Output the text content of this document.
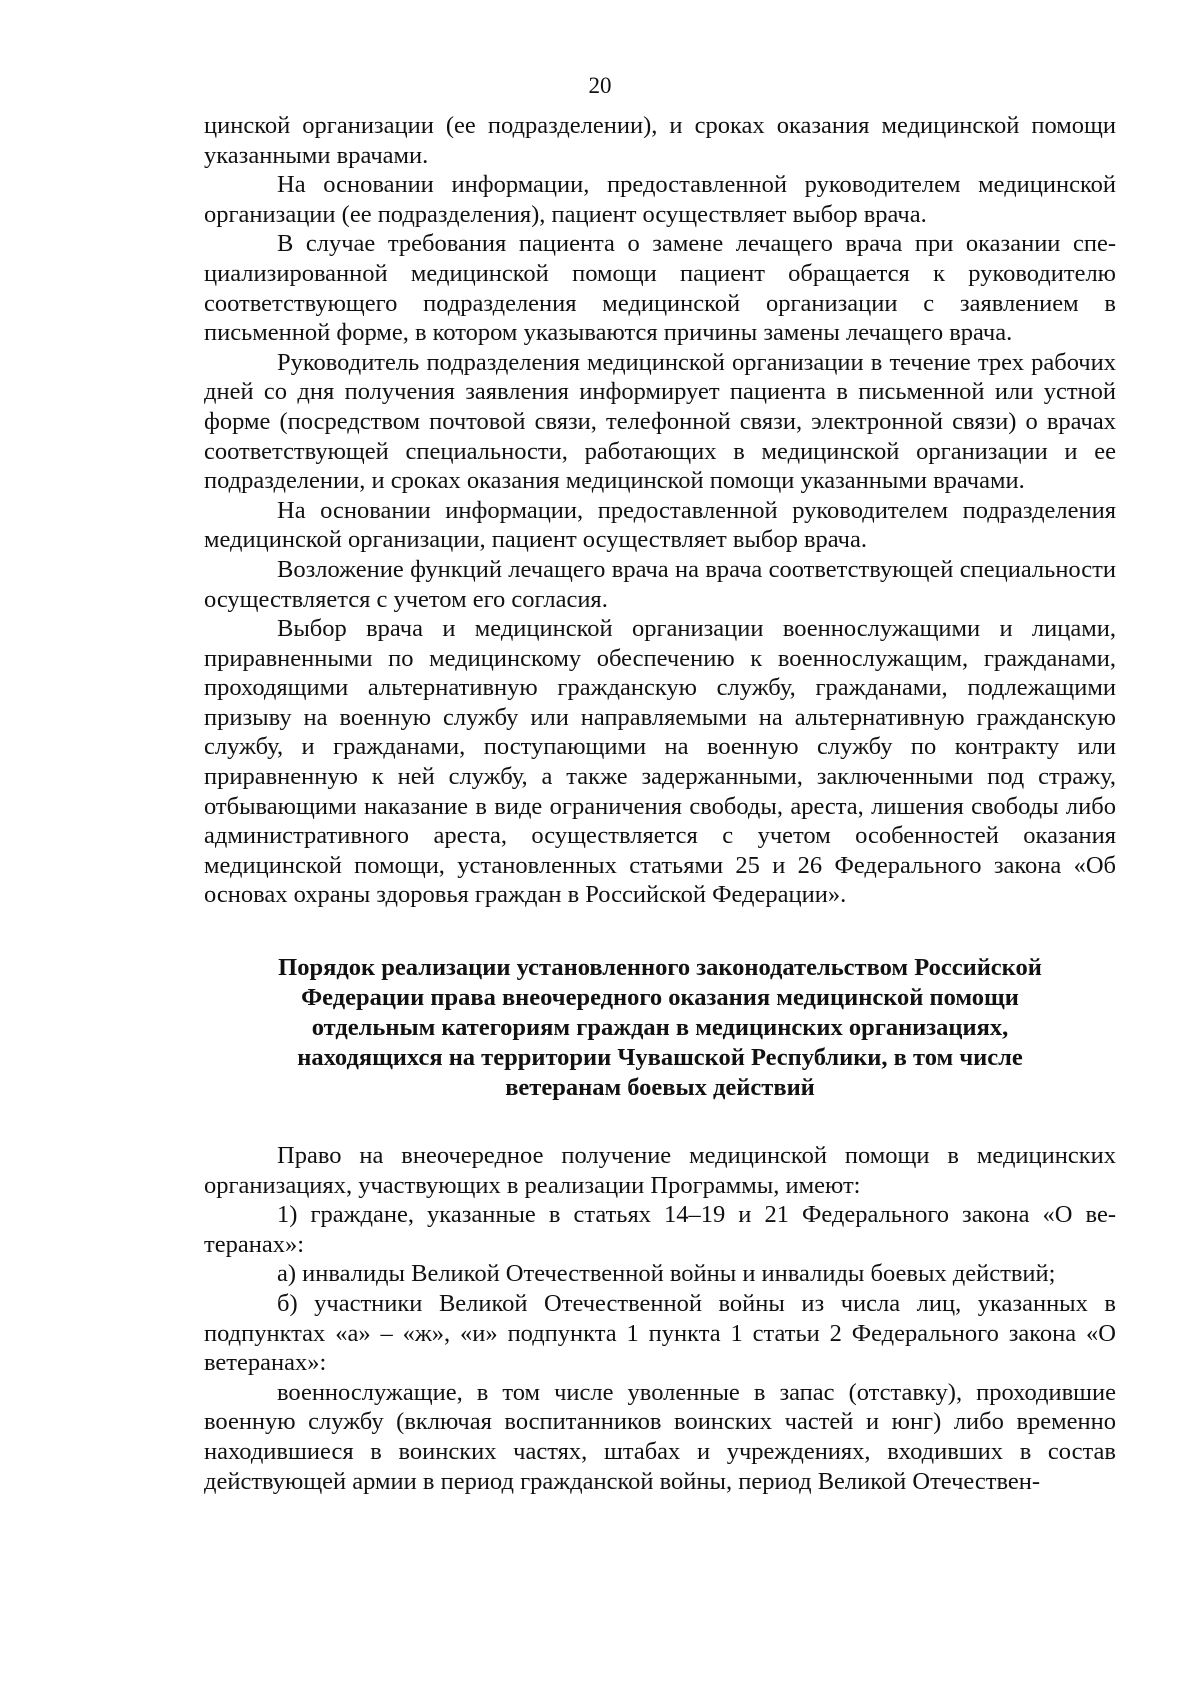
20

цинской организации (ее подразделении), и сроках оказания медицинской помощи указанными врачами.

На основании информации, предоставленной руководителем медицинской организации (ее подразделения), пациент осуществляет выбор врача.

В случае требования пациента о замене лечащего врача при оказании специализированной медицинской помощи пациент обращается к руководителю соответствующего подразделения медицинской организации с заявлением в письменной форме, в котором указываются причины замены лечащего врача.

Руководитель подразделения медицинской организации в течение трех рабочих дней со дня получения заявления информирует пациента в письменной или устной форме (посредством почтовой связи, телефонной связи, электронной связи) о врачах соответствующей специальности, работающих в медицинской организации и ее подразделении, и сроках оказания медицинской помощи указанными врачами.

На основании информации, предоставленной руководителем подразделения медицинской организации, пациент осуществляет выбор врача.

Возложение функций лечащего врача на врача соответствующей специальности осуществляется с учетом его согласия.

Выбор врача и медицинской организации военнослужащими и лицами, приравненными по медицинскому обеспечению к военнослужащим, гражданами, проходящими альтернативную гражданскую службу, гражданами, подлежащими призыву на военную службу или направляемыми на альтернативную гражданскую службу, и гражданами, поступающими на военную службу по контракту или приравненную к ней службу, а также задержанными, заключенными под стражу, отбывающими наказание в виде ограничения свободы, ареста, лишения свободы либо административного ареста, осуществляется с учетом особенностей оказания медицинской помощи, установленных статьями 25 и 26 Федерального закона «Об основах охраны здоровья граждан в Российской Федерации».

Порядок реализации установленного законодательством Российской
Федерации права внеочередного оказания медицинской помощи
отдельным категориям граждан в медицинских организациях,
находящихся на территории Чувашской Республики, в том числе
ветеранам боевых действий

Право на внеочередное получение медицинской помощи в медицинских организациях, участвующих в реализации Программы, имеют:

1) граждане, указанные в статьях 14–19 и 21 Федерального закона «О ветеранах»:

а) инвалиды Великой Отечественной войны и инвалиды боевых действий;

б) участники Великой Отечественной войны из числа лиц, указанных в подпунктах «а» – «ж», «и» подпункта 1 пункта 1 статьи 2 Федерального закона «О ветеранах»:

военнослужащие, в том числе уволенные в запас (отставку), проходившие военную службу (включая воспитанников воинских частей и юнг) либо временно находившиеся в воинских частях, штабах и учреждениях, входивших в состав действующей армии в период гражданской войны, период Великой Отечествен-
